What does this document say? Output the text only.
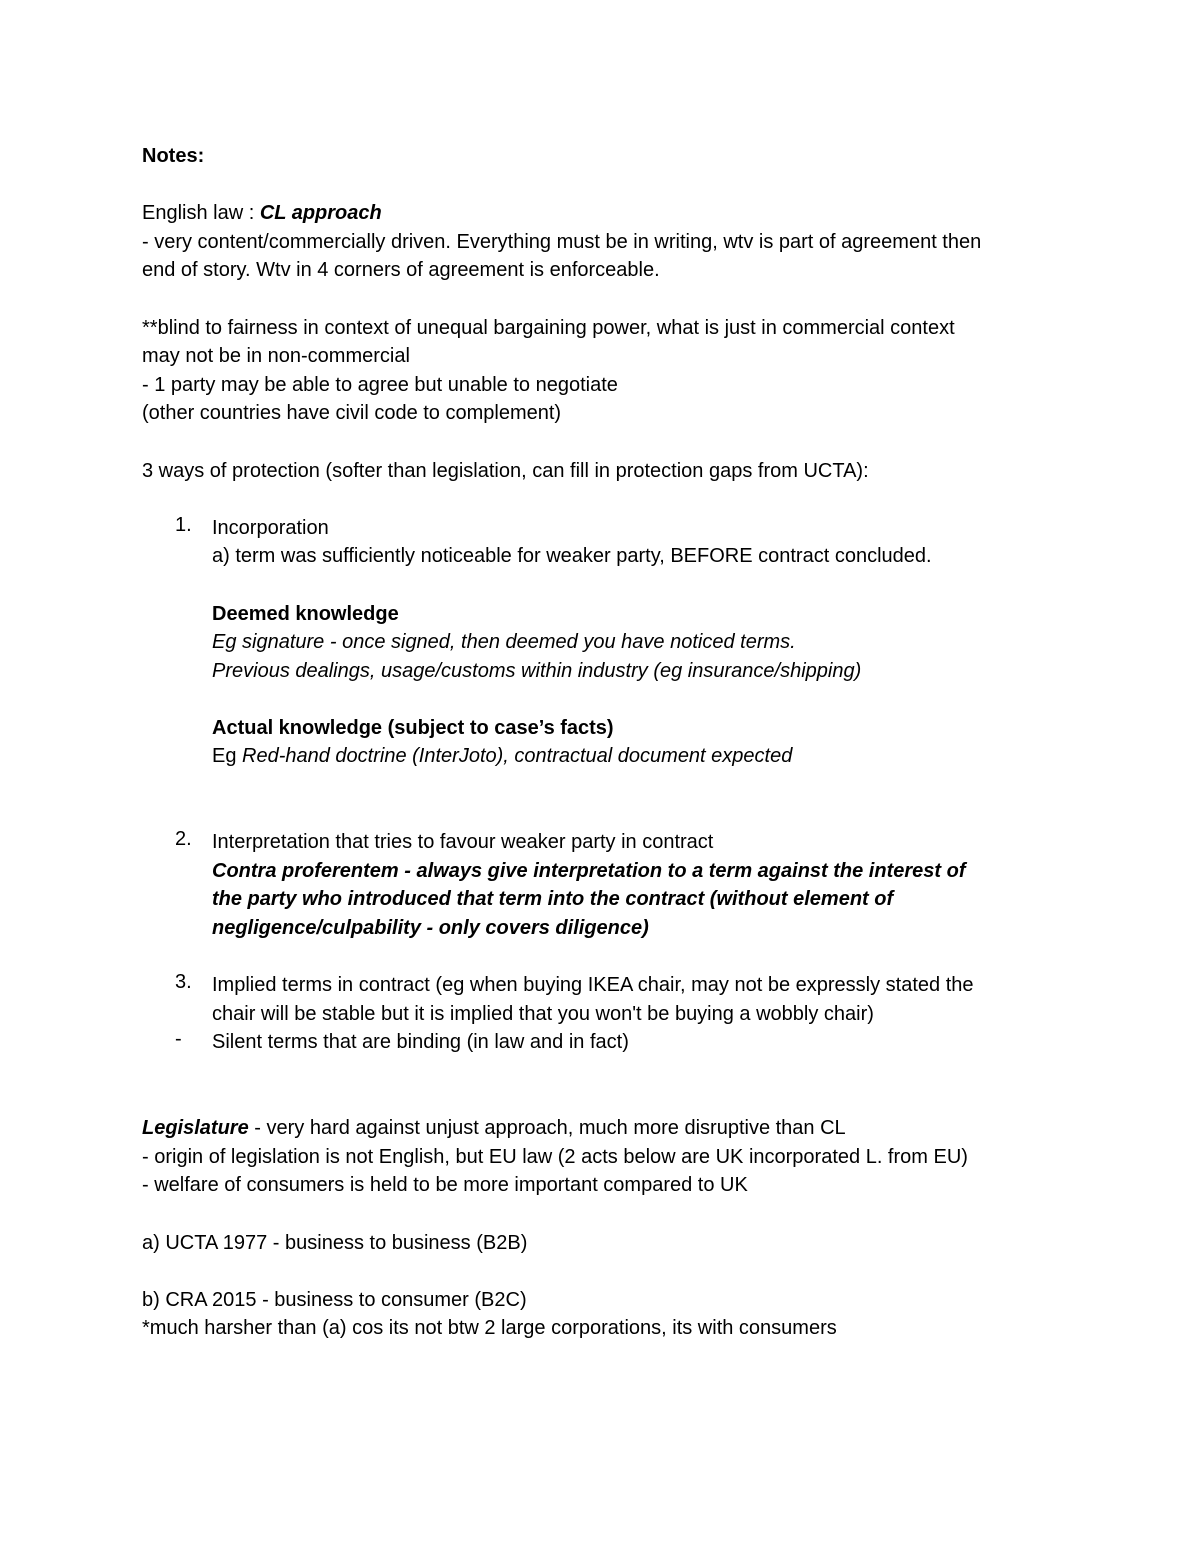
Notes:
English law : CL approach
- very content/commercially driven. Everything must be in writing, wtv is part of agreement then
end of story. Wtv in 4 corners of agreement is enforceable.
**blind to fairness in context of unequal bargaining power, what is just in commercial context
may not be in non-commercial
- 1 party may be able to agree but unable to negotiate
(other countries have civil code to complement)
3 ways of protection (softer than legislation, can fill in protection gaps from UCTA):
1.	Incorporation
a) term was sufficiently noticeable for weaker party, BEFORE contract concluded.
Deemed knowledge
Eg signature - once signed, then deemed you have noticed terms.
Previous dealings, usage/customs within industry (eg insurance/shipping)
Actual knowledge (subject to case’s facts)
Eg Red-hand doctrine (InterJoto), contractual document expected
2.	Interpretation that tries to favour weaker party in contract
Contra proferentem - always give interpretation to a term against the interest of
the party who introduced that term into the contract (without element of
negligence/culpability - only covers diligence)
3.	Implied terms in contract (eg when buying IKEA chair, may not be expressly stated the
chair will be stable but it is implied that you won't be buying a wobbly chair)
- Silent terms that are binding (in law and in fact)
Legislature - very hard against unjust approach, much more disruptive than CL
- origin of legislation is not English, but EU law (2 acts below are UK incorporated L. from EU)
- welfare of consumers is held to be more important compared to UK
a) UCTA 1977 - business to business (B2B)
b) CRA 2015 - business to consumer (B2C)
*much harsher than (a) cos its not btw 2 large corporations, its with consumers
